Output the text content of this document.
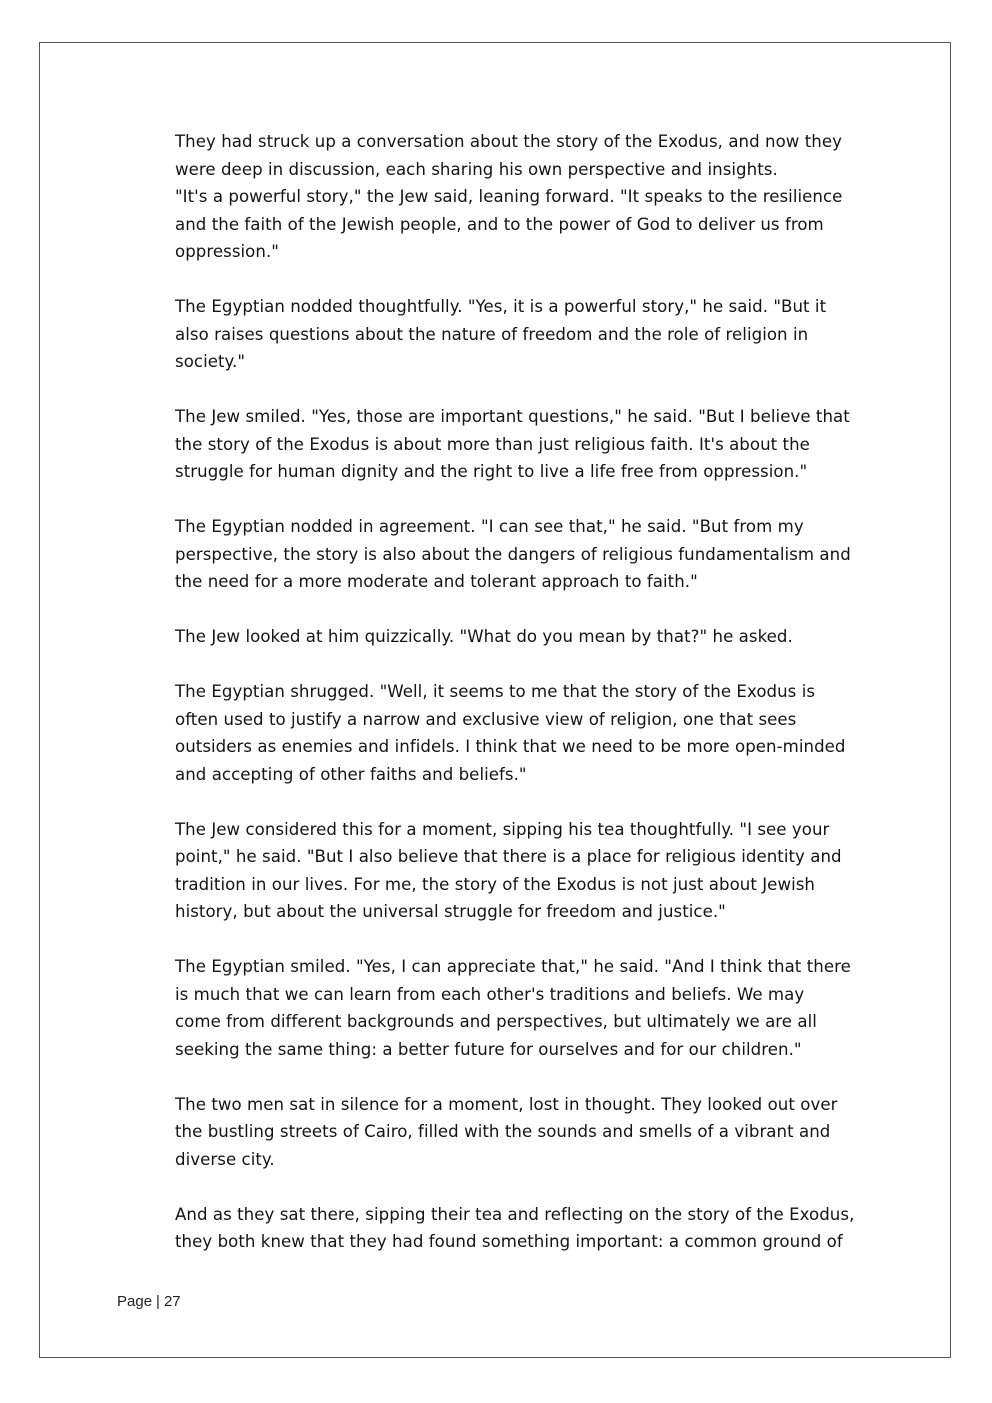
They had struck up a conversation about the story of the Exodus, and now they
were deep in discussion, each sharing his own perspective and insights.
"It's a powerful story," the Jew said, leaning forward. "It speaks to the resilience
and the faith of the Jewish people, and to the power of God to deliver us from
oppression."

The Egyptian nodded thoughtfully. "Yes, it is a powerful story," he said. "But it
also raises questions about the nature of freedom and the role of religion in
society."

The Jew smiled. "Yes, those are important questions," he said. "But I believe that
the story of the Exodus is about more than just religious faith. It's about the
struggle for human dignity and the right to live a life free from oppression."

The Egyptian nodded in agreement. "I can see that," he said. "But from my
perspective, the story is also about the dangers of religious fundamentalism and
the need for a more moderate and tolerant approach to faith."

The Jew looked at him quizzically. "What do you mean by that?" he asked.

The Egyptian shrugged. "Well, it seems to me that the story of the Exodus is
often used to justify a narrow and exclusive view of religion, one that sees
outsiders as enemies and infidels. I think that we need to be more open-minded
and accepting of other faiths and beliefs."

The Jew considered this for a moment, sipping his tea thoughtfully. "I see your
point," he said. "But I also believe that there is a place for religious identity and
tradition in our lives. For me, the story of the Exodus is not just about Jewish
history, but about the universal struggle for freedom and justice."

The Egyptian smiled. "Yes, I can appreciate that," he said. "And I think that there
is much that we can learn from each other's traditions and beliefs. We may
come from different backgrounds and perspectives, but ultimately we are all
seeking the same thing: a better future for ourselves and for our children."

The two men sat in silence for a moment, lost in thought. They looked out over
the bustling streets of Cairo, filled with the sounds and smells of a vibrant and
diverse city.

And as they sat there, sipping their tea and reflecting on the story of the Exodus,
they both knew that they had found something important: a common ground of

Page | 27
